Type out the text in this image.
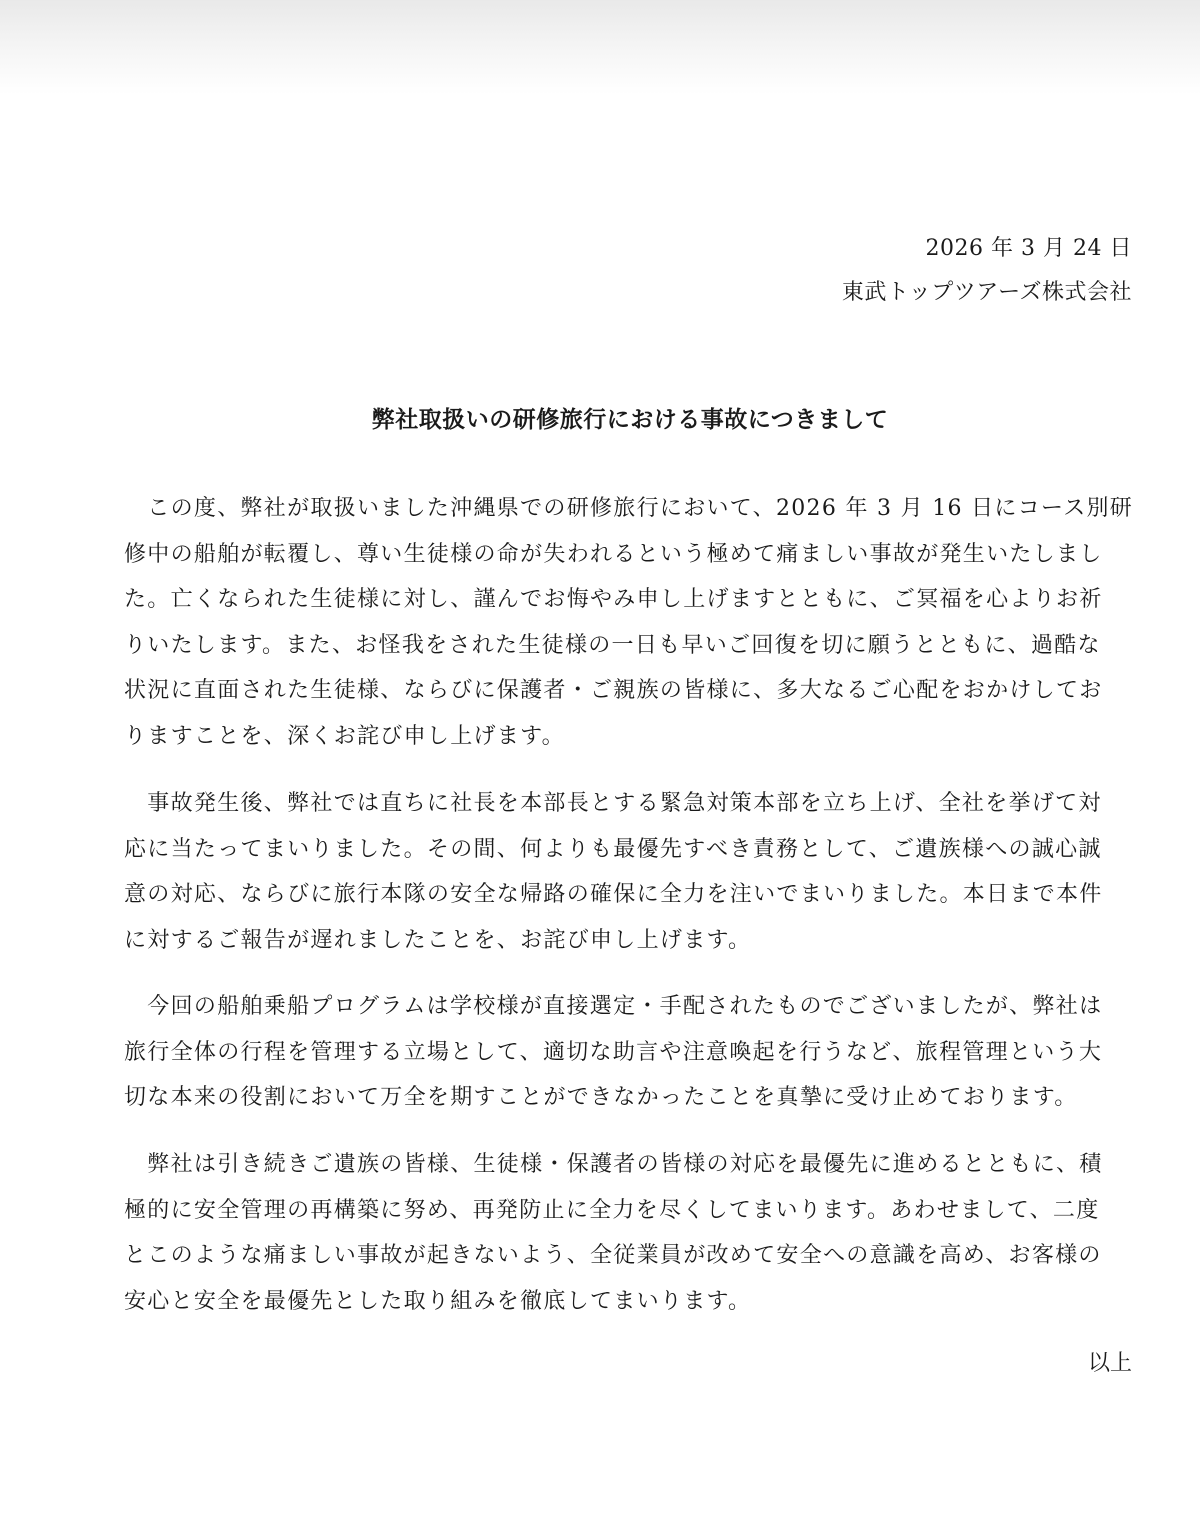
2026 年 3 月 24 日
東武トップツアーズ株式会社
弊社取扱いの研修旅行における事故につきまして

　この度、弊社が取扱いました沖縄県での研修旅行において、2026 年 3 月 16 日にコース別研
修中の船舶が転覆し、尊い生徒様の命が失われるという極めて痛ましい事故が発生いたしまし
た。亡くなられた生徒様に対し、謹んでお悔やみ申し上げますとともに、ご冥福を心よりお祈
りいたします。また、お怪我をされた生徒様の一日も早いご回復を切に願うとともに、過酷な
状況に直面された生徒様、ならびに保護者・ご親族の皆様に、多大なるご心配をおかけしてお
りますことを、深くお詫び申し上げます。

　事故発生後、弊社では直ちに社長を本部長とする緊急対策本部を立ち上げ、全社を挙げて対
応に当たってまいりました。その間、何よりも最優先すべき責務として、ご遺族様への誠心誠
意の対応、ならびに旅行本隊の安全な帰路の確保に全力を注いでまいりました。本日まで本件
に対するご報告が遅れましたことを、お詫び申し上げます。

　今回の船舶乗船プログラムは学校様が直接選定・手配されたものでございましたが、弊社は
旅行全体の行程を管理する立場として、適切な助言や注意喚起を行うなど、旅程管理という大
切な本来の役割において万全を期すことができなかったことを真摯に受け止めております。

　弊社は引き続きご遺族の皆様、生徒様・保護者の皆様の対応を最優先に進めるとともに、積
極的に安全管理の再構築に努め、再発防止に全力を尽くしてまいります。あわせまして、二度
とこのような痛ましい事故が起きないよう、全従業員が改めて安全への意識を高め、お客様の
安心と安全を最優先とした取り組みを徹底してまいります。

以上
